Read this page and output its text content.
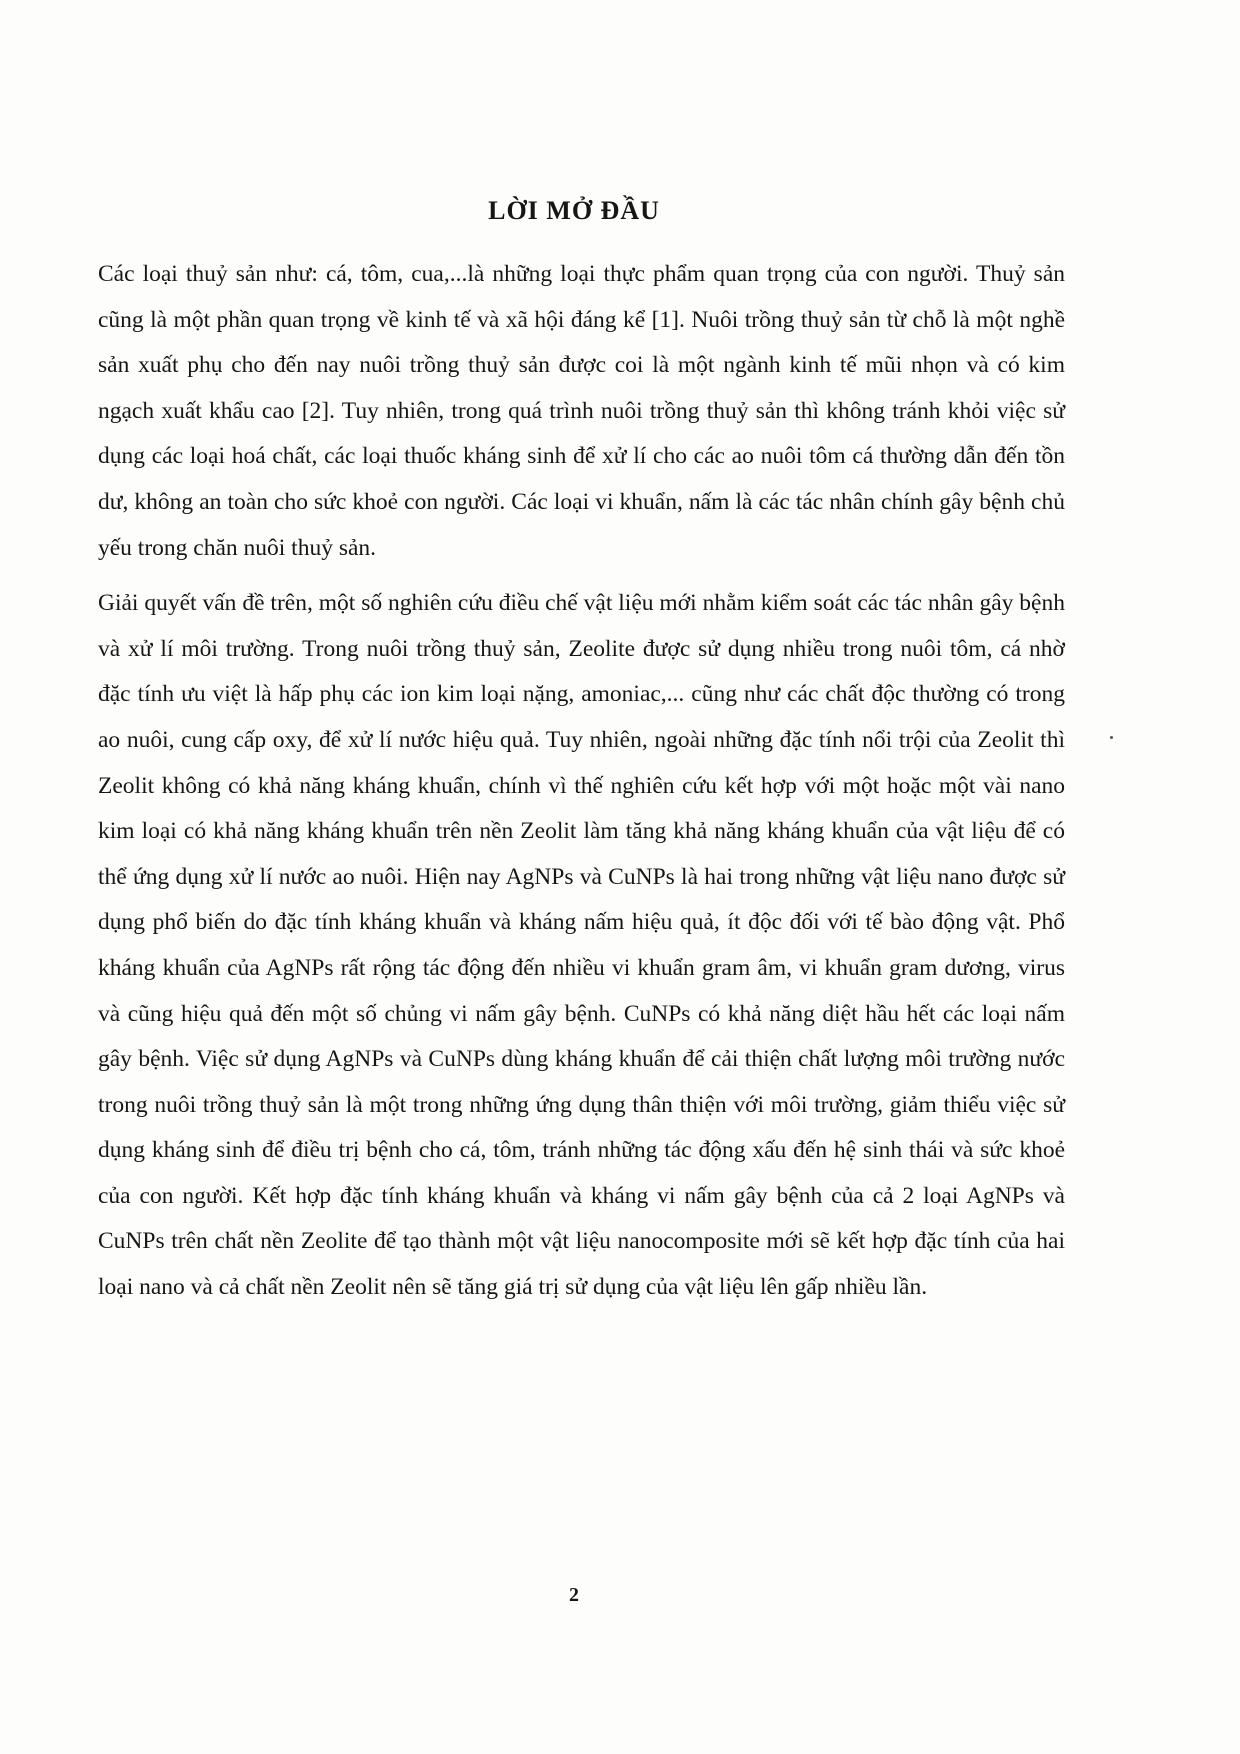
LỜI MỞ ĐẦU

Các loại thuỷ sản như: cá, tôm, cua,...là những loại thực phẩm quan trọng của con người. Thuỷ sản cũng là một phần quan trọng về kinh tế và xã hội đáng kể [1]. Nuôi trồng thuỷ sản từ chỗ là một nghề sản xuất phụ cho đến nay nuôi trồng thuỷ sản được coi là một ngành kinh tế mũi nhọn và có kim ngạch xuất khẩu cao [2]. Tuy nhiên, trong quá trình nuôi trồng thuỷ sản thì không tránh khỏi việc sử dụng các loại hoá chất, các loại thuốc kháng sinh để xử lí cho các ao nuôi tôm cá thường dẫn đến tồn dư, không an toàn cho sức khoẻ con người. Các loại vi khuẩn, nấm là các tác nhân chính gây bệnh chủ yếu trong chăn nuôi thuỷ sản.

Giải quyết vấn đề trên, một số nghiên cứu điều chế vật liệu mới nhằm kiểm soát các tác nhân gây bệnh và xử lí môi trường. Trong nuôi trồng thuỷ sản, Zeolite được sử dụng nhiều trong nuôi tôm, cá nhờ đặc tính ưu việt là hấp phụ các ion kim loại nặng, amoniac,... cũng như các chất độc thường có trong ao nuôi, cung cấp oxy, để xử lí nước hiệu quả. Tuy nhiên, ngoài những đặc tính nổi trội của Zeolit thì Zeolit không có khả năng kháng khuẩn, chính vì thế nghiên cứu kết hợp với một hoặc một vài nano kim loại có khả năng kháng khuẩn trên nền Zeolit làm tăng khả năng kháng khuẩn của vật liệu để có thể ứng dụng xử lí nước ao nuôi. Hiện nay AgNPs và CuNPs là hai trong những vật liệu nano được sử dụng phổ biến do đặc tính kháng khuẩn và kháng nấm hiệu quả, ít độc đối với tế bào động vật. Phổ kháng khuẩn của AgNPs rất rộng tác động đến nhiều vi khuẩn gram âm, vi khuẩn gram dương, virus và cũng hiệu quả đến một số chủng vi nấm gây bệnh. CuNPs có khả năng diệt hầu hết các loại nấm gây bệnh. Việc sử dụng AgNPs và CuNPs dùng kháng khuẩn để cải thiện chất lượng môi trường nước trong nuôi trồng thuỷ sản là một trong những ứng dụng thân thiện với môi trường, giảm thiểu việc sử dụng kháng sinh để điều trị bệnh cho cá, tôm, tránh những tác động xấu đến hệ sinh thái và sức khoẻ của con người. Kết hợp đặc tính kháng khuẩn và kháng vi nấm gây bệnh của cả 2 loại AgNPs và CuNPs trên chất nền Zeolite để tạo thành một vật liệu nanocomposite mới sẽ kết hợp đặc tính của hai loại nano và cả chất nền Zeolit nên sẽ tăng giá trị sử dụng của vật liệu lên gấp nhiều lần.

2
